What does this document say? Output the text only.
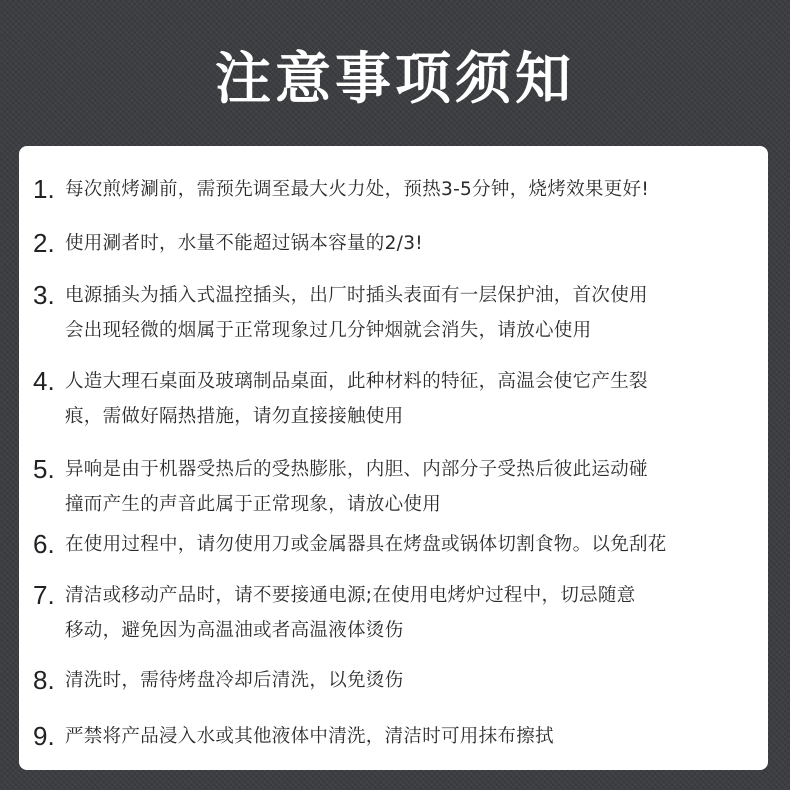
注意事项须知
1. 每次煎烤涮前，需预先调至最大火力处，预热3-5分钟，烧烤效果更好!
2. 使用涮者时，水量不能超过锅本容量的2/3!
3. 电源插头为插入式温控插头，出厂时插头表面有一层保护油，首次使用
会出现轻微的烟属于正常现象过几分钟烟就会消失，请放心使用
4. 人造大理石桌面及玻璃制品桌面，此种材料的特征，高温会使它产生裂
痕，需做好隔热措施，请勿直接接触使用
5. 异响是由于机器受热后的受热膨胀，内胆、内部分子受热后彼此运动碰
撞而产生的声音此属于正常现象，请放心使用
6. 在使用过程中，请勿使用刀或金属器具在烤盘或锅体切割食物。以免刮花
7. 清洁或移动产品时，请不要接通电源;在使用电烤炉过程中，切忌随意
移动，避免因为高温油或者高温液体烫伤
8. 清洗时，需待烤盘冷却后清洗，以免烫伤
9. 严禁将产品浸入水或其他液体中清洗，清洁时可用抹布擦拭
